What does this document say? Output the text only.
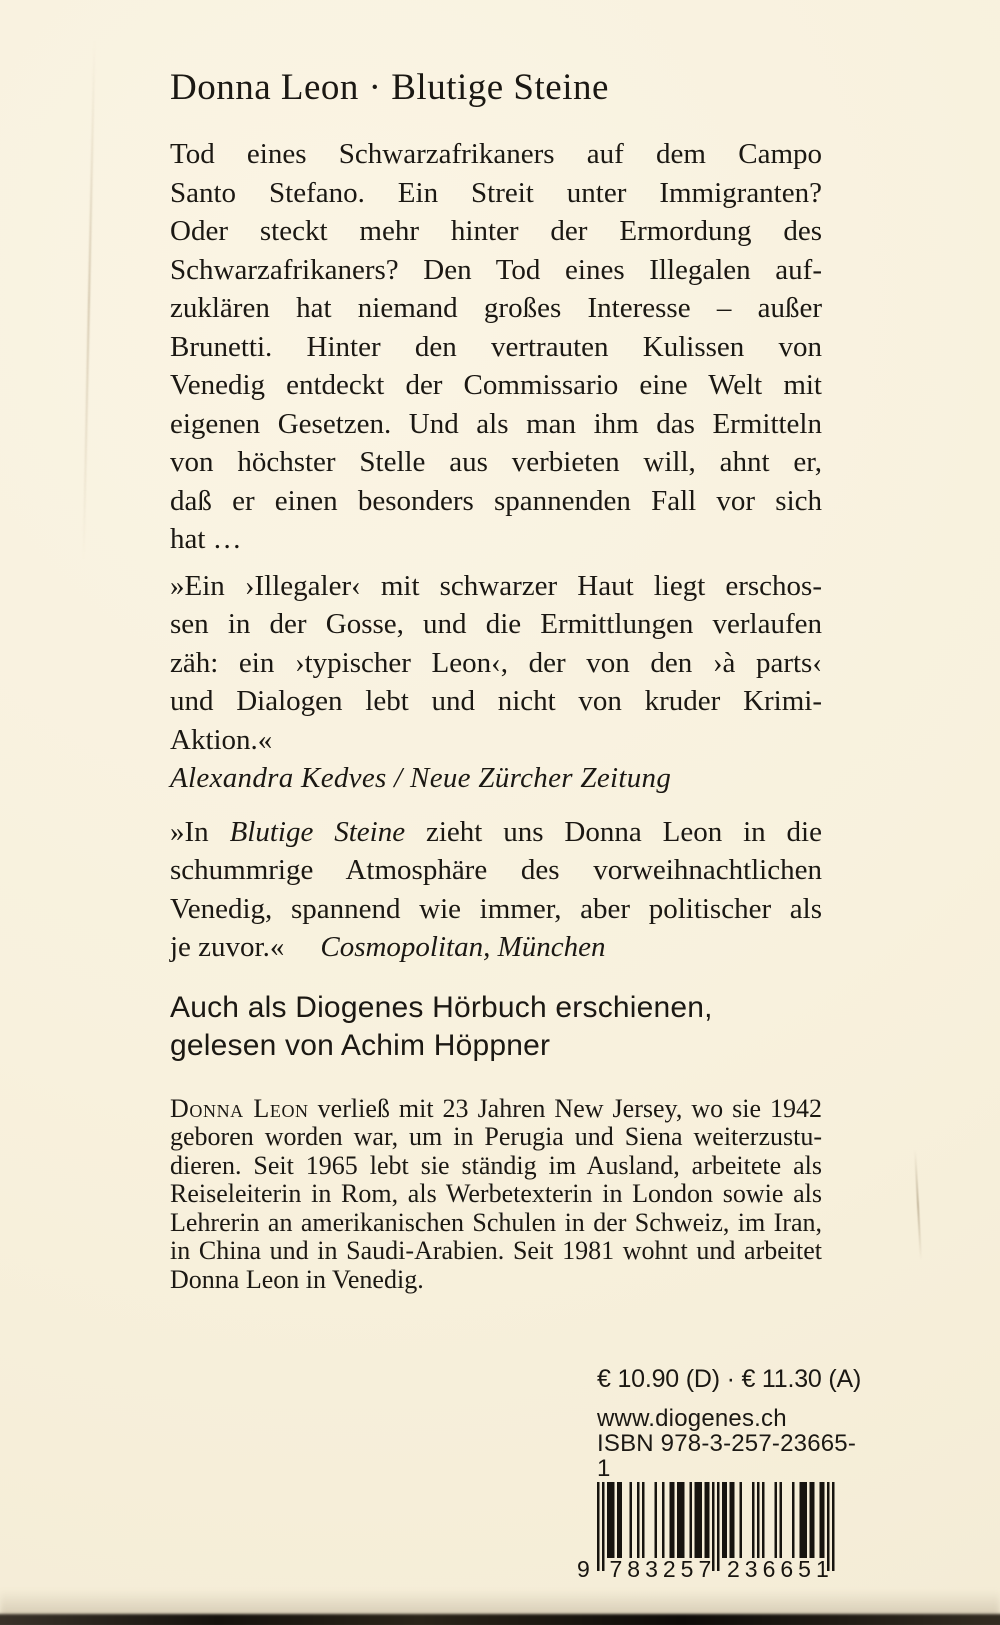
Donna Leon · Blutige Steine
Tod eines Schwarzafrikaners auf dem Campo
Santo Stefano. Ein Streit unter Immigranten?
Oder steckt mehr hinter der Ermordung des
Schwarzafrikaners? Den Tod eines Illegalen auf-
zuklären hat niemand großes Interesse – außer
Brunetti. Hinter den vertrauten Kulissen von
Venedig entdeckt der Commissario eine Welt mit
eigenen Gesetzen. Und als man ihm das Ermitteln
von höchster Stelle aus verbieten will, ahnt er,
daß er einen besonders spannenden Fall vor sich
hat …
»Ein ›Illegaler‹ mit schwarzer Haut liegt erschos-
sen in der Gosse, und die Ermittlungen verlaufen
zäh: ein ›typischer Leon‹, der von den ›à parts‹
und Dialogen lebt und nicht von kruder Krimi-
Aktion.«
Alexandra Kedves / Neue Zürcher Zeitung
»In Blutige Steine zieht uns Donna Leon in die
schummrige Atmosphäre des vorweihnachtlichen
Venedig, spannend wie immer, aber politischer als
je zuvor.« Cosmopolitan, München
Auch als Diogenes Hörbuch erschienen,
gelesen von Achim Höppner
Donna Leon verließ mit 23 Jahren New Jersey, wo sie 1942
geboren worden war, um in Perugia und Siena weiterzustu-
dieren. Seit 1965 lebt sie ständig im Ausland, arbeitete als
Reiseleiterin in Rom, als Werbetexterin in London sowie als
Lehrerin an amerikanischen Schulen in der Schweiz, im Iran,
in China und in Saudi-Arabien. Seit 1981 wohnt und arbeitet
Donna Leon in Venedig.
€ 10.90 (D) · € 11.30 (A)
www.diogenes.ch
ISBN 978-3-257-23665-1
9 783257 236651
